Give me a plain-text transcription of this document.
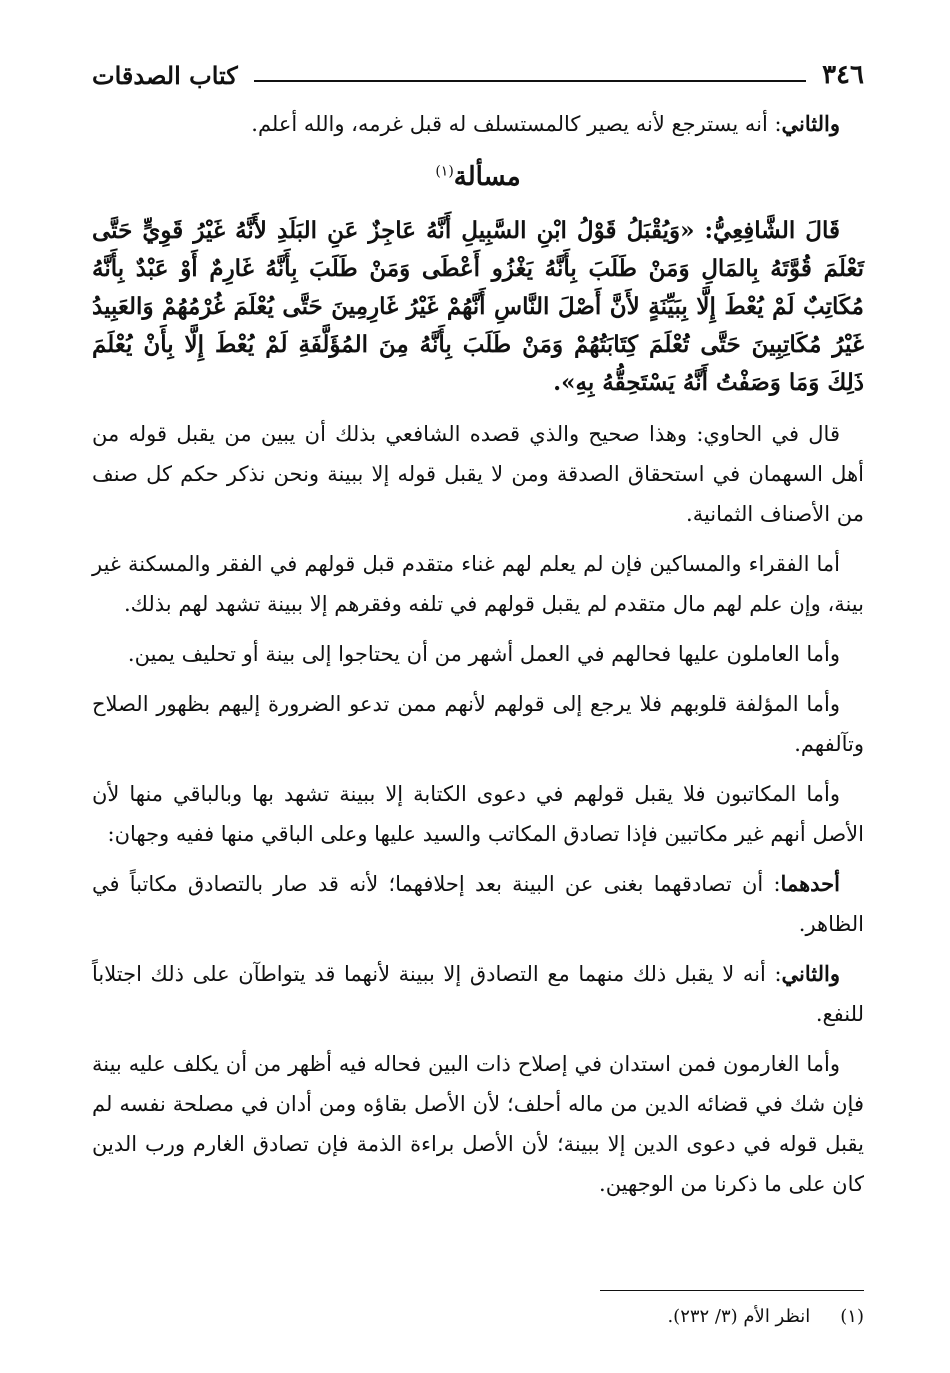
٣٤٦
كتاب الصدقات

والثاني: أنه يسترجع لأنه يصير كالمستسلف له قبل غرمه، والله أعلم.

مسألة$^{(١)}$

قَالَ الشَّافِعِيُّ: «وَيُقْبَلُ قَوْلُ ابْنِ السَّبِيلِ أَنَّهُ عَاجِزٌ عَنِ البَلَدِ لأَنَّهُ غَيْرُ قَوِيٍّ حَتَّى تَعْلَمَ قُوَّتَهُ بِالمَالِ وَمَنْ طَلَبَ بِأَنَّهُ يَغْزُو أَعْطَى وَمَنْ طَلَبَ بِأَنَّهُ غَارِمٌ أَوْ عَبْدٌ بِأَنَّهُ مُكَاتِبٌ لَمْ يُعْطَ إِلَّا بِبَيِّنَةٍ لأَنَّ أَصْلَ النَّاسِ أَنَّهُمْ غَيْرُ غَارِمِينَ حَتَّى يُعْلَمَ غُرْمُهُمْ وَالعَبِيدُ غَيْرُ مُكَاتِبِينَ حَتَّى تُعْلَمَ كِتَابَتُهُمْ وَمَنْ طَلَبَ بِأَنَّهُ مِنَ المُؤَلَّفَةِ لَمْ يُعْطَ إِلَّا بِأَنْ يُعْلَمَ ذَلِكَ وَمَا وَصَفْتُ أَنَّهُ يَسْتَحِقُّهُ بِهِ».

قال في الحاوي: وهذا صحيح والذي قصده الشافعي بذلك أن يبين من يقبل قوله من أهل السهمان في استحقاق الصدقة ومن لا يقبل قوله إلا ببينة ونحن نذكر حكم كل صنف من الأصناف الثمانية.

أما الفقراء والمساكين فإن لم يعلم لهم غناء متقدم قبل قولهم في الفقر والمسكنة غير بينة، وإن علم لهم مال متقدم لم يقبل قولهم في تلفه وفقرهم إلا ببينة تشهد لهم بذلك.

وأما العاملون عليها فحالهم في العمل أشهر من أن يحتاجوا إلى بينة أو تحليف يمين.

وأما المؤلفة قلوبهم فلا يرجع إلى قولهم لأنهم ممن تدعو الضرورة إليهم بظهور الصلاح وتآلفهم.

وأما المكاتبون فلا يقبل قولهم في دعوى الكتابة إلا ببينة تشهد بها وبالباقي منها لأن الأصل أنهم غير مكاتبين فإذا تصادق المكاتب والسيد عليها وعلى الباقي منها ففيه وجهان:

أحدهما: أن تصادقهما بغنى عن البينة بعد إحلافهما؛ لأنه قد صار بالتصادق مكاتباً في الظاهر.

والثاني: أنه لا يقبل ذلك منهما مع التصادق إلا ببينة لأنهما قد يتواطآن على ذلك اجتلاباً للنفع.

وأما الغارمون فمن استدان في إصلاح ذات البين فحاله فيه أظهر من أن يكلف عليه بينة فإن شك في قضائه الدين من ماله أحلف؛ لأن الأصل بقاؤه ومن أدان في مصلحة نفسه لم يقبل قوله في دعوى الدين إلا ببينة؛ لأن الأصل براءة الذمة فإن تصادق الغارم ورب الدين كان على ما ذكرنا من الوجهين.

(١)انظر الأم (٣/ ٢٣٢).
